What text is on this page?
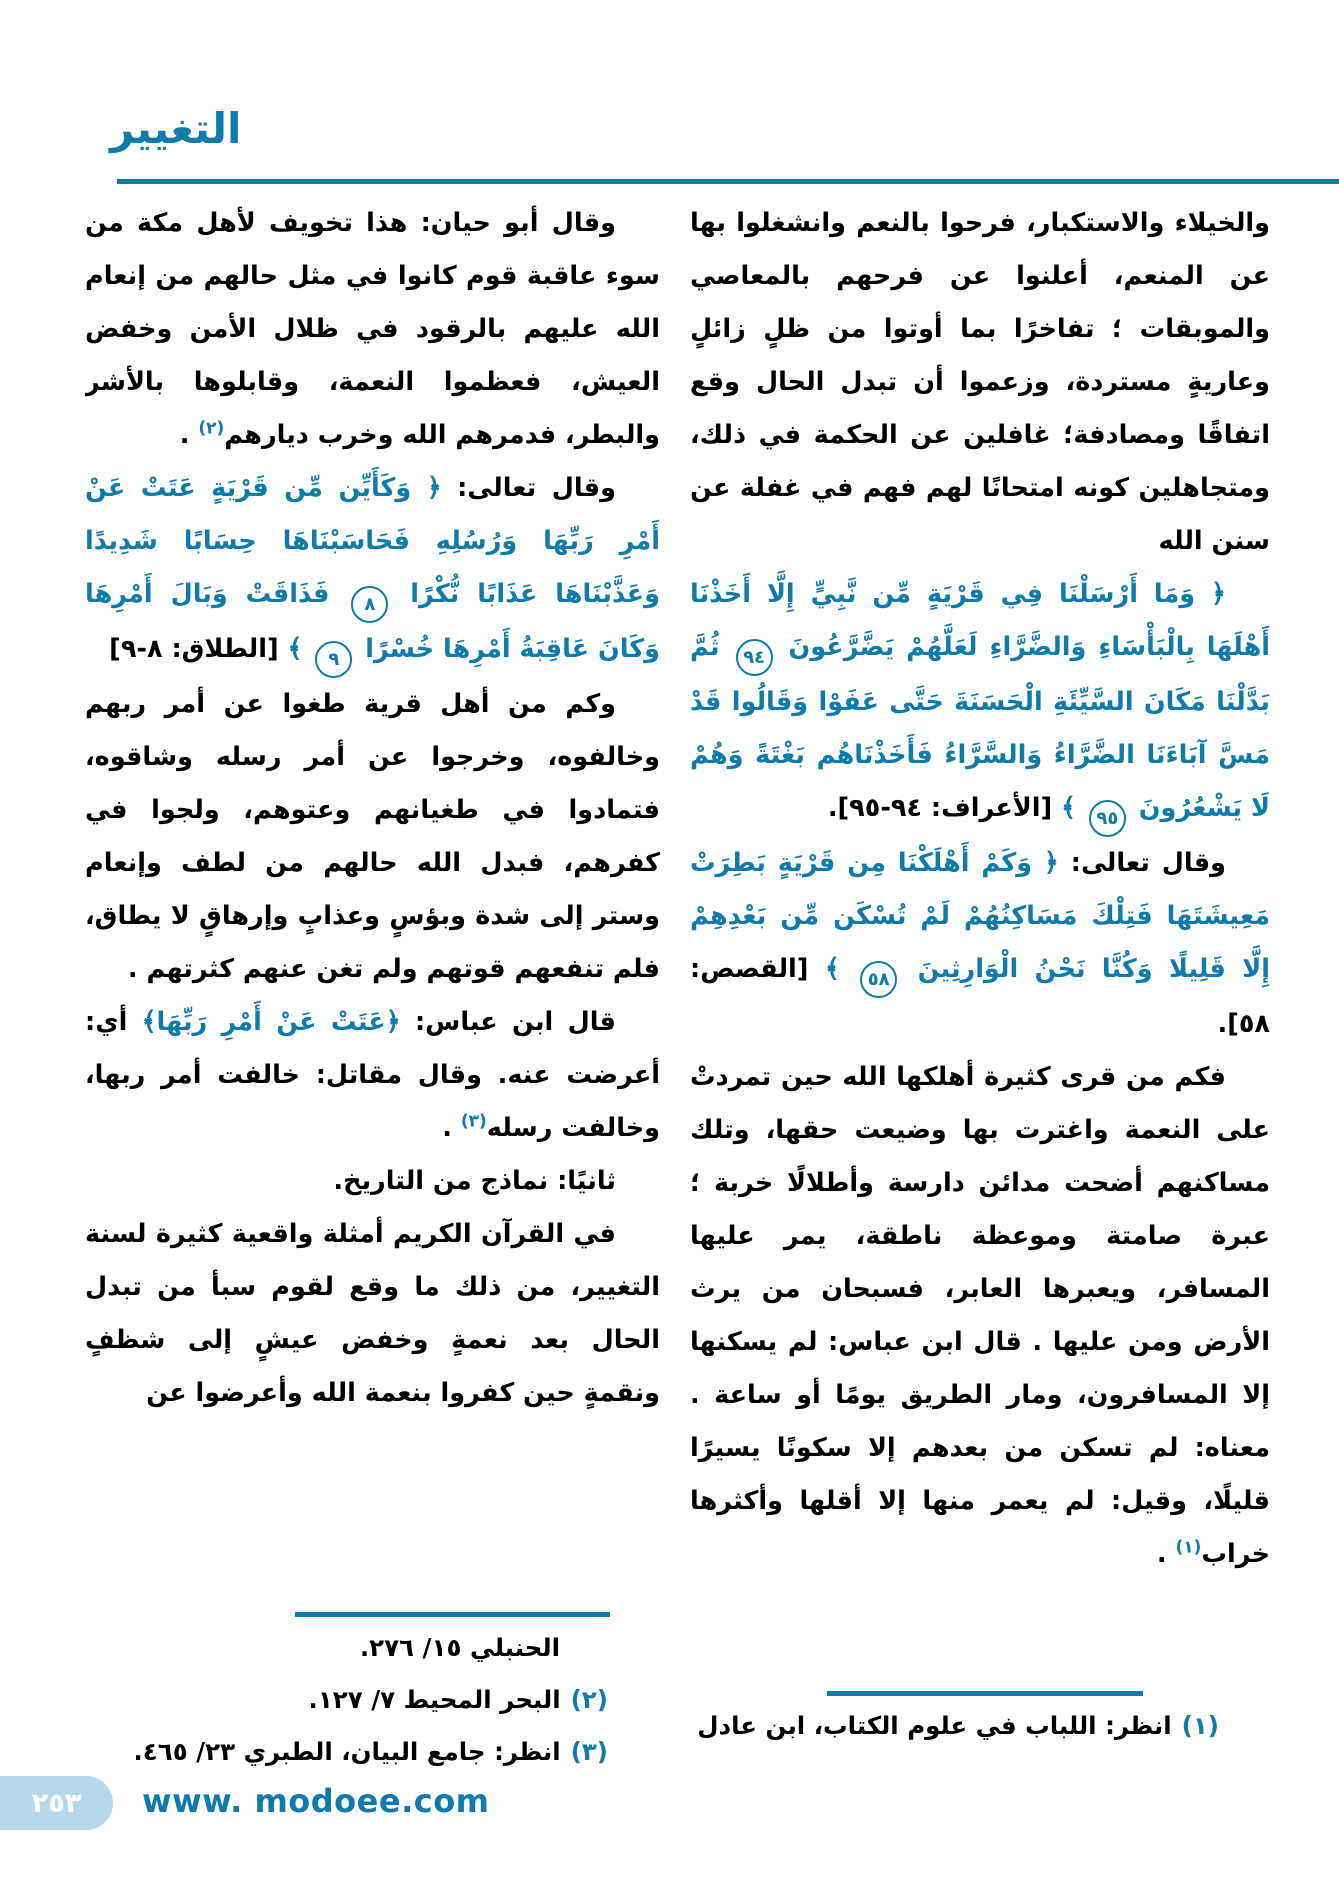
التغيير

والخيلاء والاستكبار، فرحوا بالنعم وانشغلوا بها عن المنعم، أعلنوا عن فرحهم بالمعاصي والموبقات ؛ تفاخرًا بما أوتوا من ظلٍ زائلٍ وعاريةٍ مستردة، وزعموا أن تبدل الحال وقع اتفاقًا ومصادفة؛ غافلين عن الحكمة في ذلك، ومتجاهلين كونه امتحانًا لهم فهم في غفلة عن سنن الله

﴿ وَمَا أَرْسَلْنَا فِي قَرْيَةٍ مِّن نَّبِيٍّ إِلَّا أَخَذْنَا أَهْلَهَا بِالْبَأْسَاءِ وَالضَّرَّاءِ لَعَلَّهُمْ يَضَّرَّعُونَ ٩٤ ثُمَّ بَدَّلْنَا مَكَانَ السَّيِّئَةِ الْحَسَنَةَ حَتَّى عَفَوْا وَقَالُوا قَدْ مَسَّ آبَاءَنَا الضَّرَّاءُ وَالسَّرَّاءُ فَأَخَذْنَاهُم بَغْتَةً وَهُمْ لَا يَشْعُرُونَ ٩٥ ﴾ [الأعراف: ٩٤-٩٥].

وقال تعالى: ﴿ وَكَمْ أَهْلَكْنَا مِن قَرْيَةٍ بَطِرَتْ مَعِيشَتَهَا فَتِلْكَ مَسَاكِنُهُمْ لَمْ تُسْكَن مِّن بَعْدِهِمْ إِلَّا قَلِيلًا وَكُنَّا نَحْنُ الْوَارِثِينَ ٥٨ ﴾ [القصص: ٥٨].

فكم من قرى كثيرة أهلكها الله حين تمردتْ على النعمة واغترت بها وضيعت حقها، وتلك مساكنهم أضحت مدائن دارسة وأطلالًا خربة ؛ عبرة صامتة وموعظة ناطقة، يمر عليها المسافر، ويعبرها العابر، فسبحان من يرث الأرض ومن عليها . قال ابن عباس: لم يسكنها إلا المسافرون، ومار الطريق يومًا أو ساعة . معناه: لم تسكن من بعدهم إلا سكونًا يسيرًا قليلًا، وقيل: لم يعمر منها إلا أقلها وأكثرها خراب$^{(١)}$ .

وقال أبو حيان: هذا تخويف لأهل مكة من سوء عاقبة قوم كانوا في مثل حالهم من إنعام الله عليهم بالرقود في ظلال الأمن وخفض العيش، فعظموا النعمة، وقابلوها بالأشر والبطر، فدمرهم الله وخرب ديارهم$^{(٢)}$ .

وقال تعالى: ﴿ وَكَأَيِّن مِّن قَرْيَةٍ عَتَتْ عَنْ أَمْرِ رَبِّهَا وَرُسُلِهِ فَحَاسَبْنَاهَا حِسَابًا شَدِيدًا وَعَذَّبْنَاهَا عَذَابًا نُّكْرًا ٨ فَذَاقَتْ وَبَالَ أَمْرِهَا وَكَانَ عَاقِبَةُ أَمْرِهَا خُسْرًا ٩ ﴾ [الطلاق: ٨-٩]

وكم من أهل قرية طغوا عن أمر ربهم وخالفوه، وخرجوا عن أمر رسله وشاقوه، فتمادوا في طغيانهم وعتوهم، ولجوا في كفرهم، فبدل الله حالهم من لطف وإنعام وستر إلى شدة وبؤسٍ وعذابٍ وإرهاقٍ لا يطاق، فلم تنفعهم قوتهم ولم تغن عنهم كثرتهم .

قال ابن عباس: ﴿عَتَتْ عَنْ أَمْرِ رَبِّهَا﴾ أي: أعرضت عنه. وقال مقاتل: خالفت أمر ربها، وخالفت رسله$^{(٣)}$ .

ثانيًا: نماذج من التاريخ.

في القرآن الكريم أمثلة واقعية كثيرة لسنة التغيير، من ذلك ما وقع لقوم سبأ من تبدل الحال بعد نعمةٍ وخفض عيشٍ إلى شظفٍ ونقمةٍ حين كفروا بنعمة الله وأعرضوا عن

الحنبلي ١٥/ ٢٧٦.
(٢)البحر المحيط ٧/ ١٢٧.
(٣)انظر: جامع البيان، الطبري ٢٣/ ٤٦٥.
(١)انظر: اللباب في علوم الكتاب، ابن عادل
٢٥٣	www. modoee.com
